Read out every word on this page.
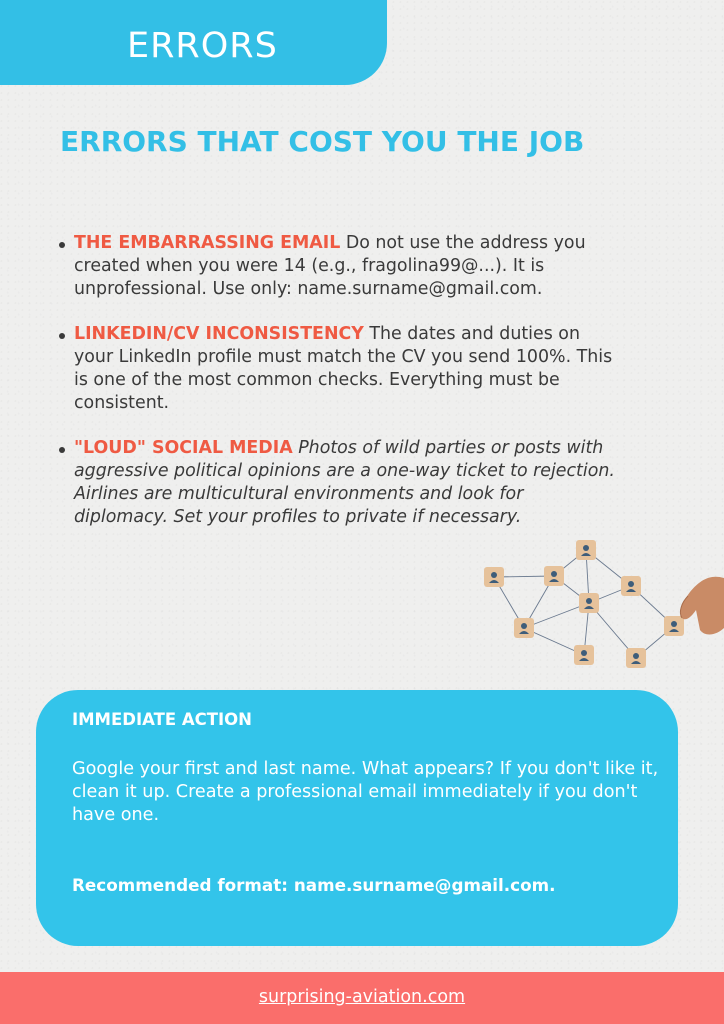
ERRORS
ERRORS THAT COST YOU THE JOB
THE EMBARRASSING EMAIL Do not use the address you created when you were 14 (e.g., fragolina99@...). It is unprofessional. Use only: name.surname@gmail.com.
LINKEDIN/CV INCONSISTENCY The dates and duties on your LinkedIn profile must match the CV you send 100%. This is one of the most common checks. Everything must be consistent.
"LOUD" SOCIAL MEDIA Photos of wild parties or posts with aggressive political opinions are a one-way ticket to rejection. Airlines are multicultural environments and look for diplomacy. Set your profiles to private if necessary.

IMMEDIATE ACTION

Google your first and last name. What appears? If you don't like it, clean it up. Create a professional email immediately if you don't have one.

Recommended format: name.surname@gmail.com.

surprising-aviation.com
